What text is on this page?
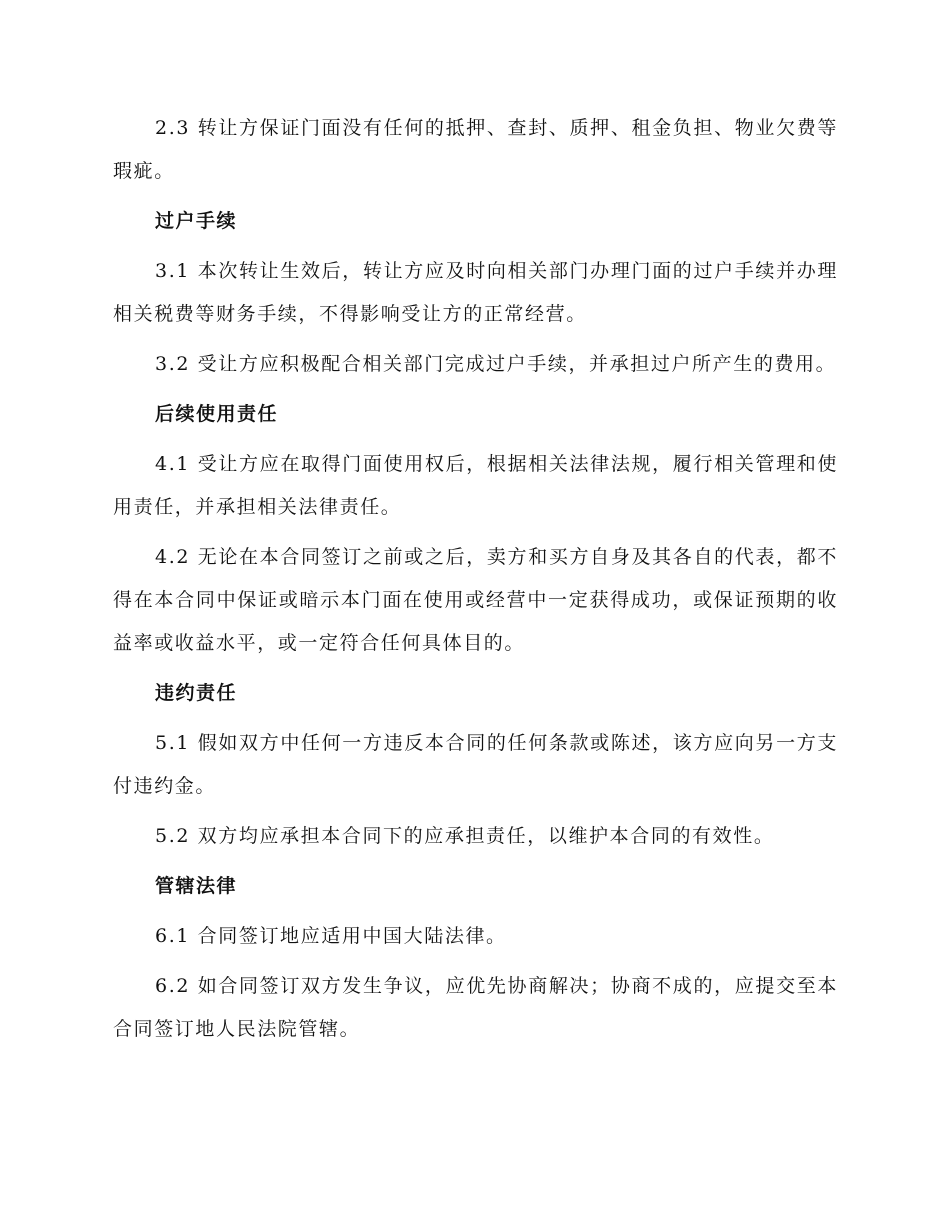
2.3 转让方保证门面没有任何的抵押、查封、质押、租金负担、物业欠费等瑕疵。

过户手续

3.1 本次转让生效后，转让方应及时向相关部门办理门面的过户手续并办理相关税费等财务手续，不得影响受让方的正常经营。

3.2 受让方应积极配合相关部门完成过户手续，并承担过户所产生的费用。

后续使用责任

4.1 受让方应在取得门面使用权后，根据相关法律法规，履行相关管理和使用责任，并承担相关法律责任。

4.2 无论在本合同签订之前或之后，卖方和买方自身及其各自的代表，都不得在本合同中保证或暗示本门面在使用或经营中一定获得成功，或保证预期的收益率或收益水平，或一定符合任何具体目的。

违约责任

5.1 假如双方中任何一方违反本合同的任何条款或陈述，该方应向另一方支付违约金。

5.2 双方均应承担本合同下的应承担责任，以维护本合同的有效性。

管辖法律

6.1 合同签订地应适用中国大陆法律。

6.2 如合同签订双方发生争议，应优先协商解决；协商不成的，应提交至本合同签订地人民法院管辖。
